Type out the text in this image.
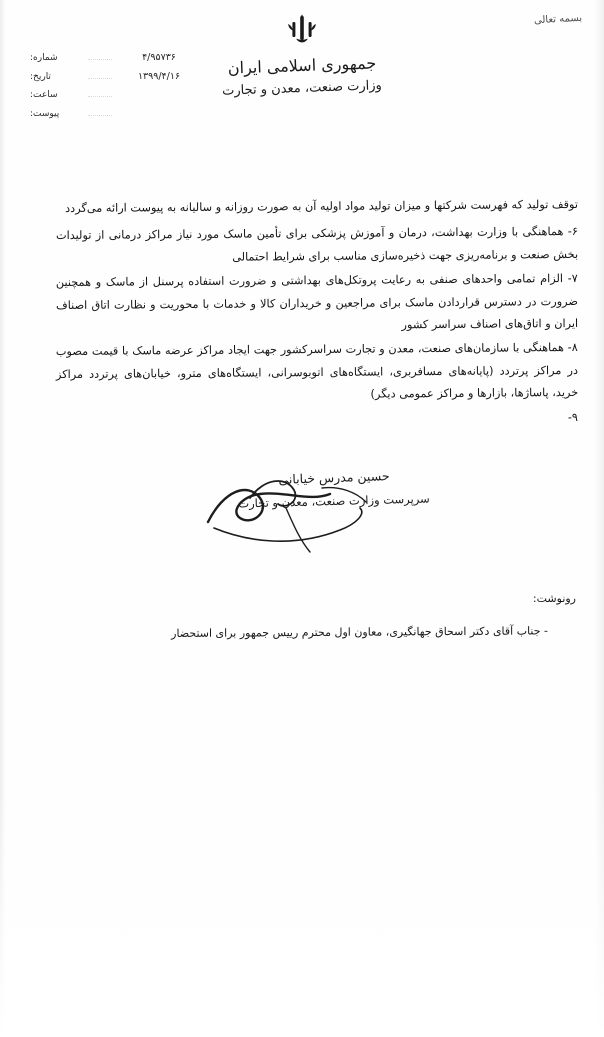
بسمه تعالی
جمهوری اسلامی ایران
وزارت صنعت، معدن و تجارت
۴/۹۵۷۳۶
شماره:
۱۳۹۹/۴/۱۶
تاریخ:
ساعت:
پیوست:

توقف تولید که فهرست شرکتها و میزان تولید مواد اولیه آن به صورت روزانه و سالیانه به پیوست ارائه می‌گردد

۶- هماهنگی با وزارت بهداشت، درمان و آموزش پزشکی برای تأمین ماسک مورد نیاز مراکز درمانی از تولیدات بخش صنعت و برنامه‌ریزی جهت ذخیره‌سازی مناسب برای شرایط احتمالی

۷- الزام تمامی واحدهای صنفی به رعایت پروتکل‌های بهداشتی و ضرورت استفاده پرسنل از ماسک و همچنین ضرورت در دسترس قراردادن ماسک برای مراجعین و خریداران کالا و خدمات با محوریت و نظارت اتاق اصناف ایران و اتاق‌های اصناف سراسر کشور

۸- هماهنگی با سازمان‌های صنعت، معدن و تجارت سراسرکشور جهت ایجاد مراکز عرضه ماسک با قیمت مصوب در مراکز پرتردد (پایانه‌های مسافربری، ایستگاه‌های اتوبوسرانی، ایستگاه‌های مترو، خیابان‌های پرتردد مراکز خرید، پاساژها، بازارها و مراکز عمومی دیگر)

۹-

حسین مدرس خیابانی
سرپرست وزارت صنعت، معدن و تجارت
رونوشت:
- جناب آقای دکتر اسحاق جهانگیری، معاون اول محترم رییس جمهور برای استحضار
